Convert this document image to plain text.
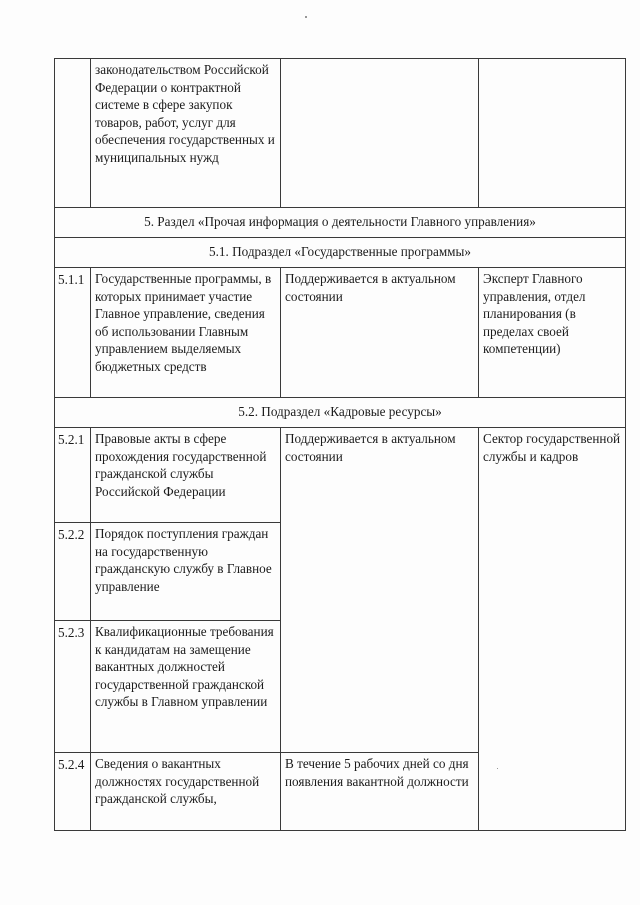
	законодательством Российской Федерации о контрактной системе в сфере закупок товаров, работ, услуг для обеспечения государственных и муниципальных нужд		

5. Раздел «Прочая информация о деятельности Главного управления»			
5.1. Подраздел «Государственные программы»			
5.1.1	Государственные программы, в которых принимает участие Главное управление, сведения об использовании Главным управлением выделяемых бюджетных средств	Поддерживается в актуальном состоянии	Эксперт Главного управления, отдел планирования (в пределах своей компетенции)

5.2. Подраздел «Кадровые ресурсы»			
5.2.1	Правовые акты в сфере прохождения государственной гражданской службы Российской Федерации	Поддерживается в актуальном состоянии	Сектор государственной службы и кадров

5.2.2	Порядок поступления граждан на государственную гражданскую службу в Главное управление		

5.2.3	Квалификационные требования к кандидатам на замещение вакантных должностей государственной гражданской службы в Главном управлении		

5.2.4	Сведения о вакантных должностях государственной гражданской службы,	В течение 5 рабочих дней со дня появления вакантной должности	
